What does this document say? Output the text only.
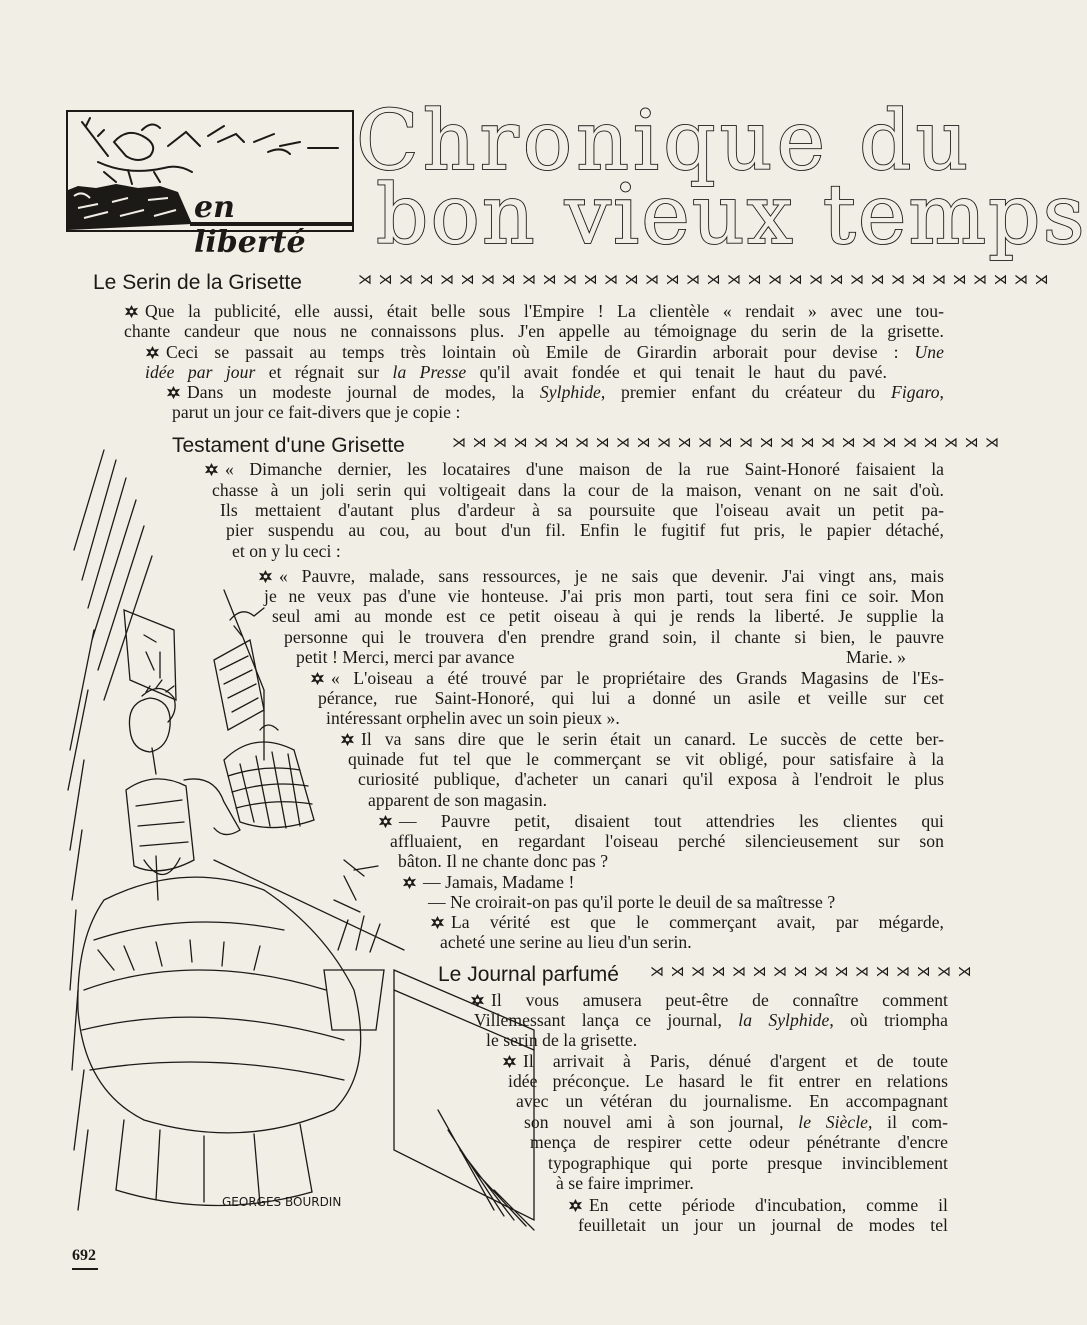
en liberté
Chronique du
bon vieux temps
GEORGES BOURDIN
Le Serin de la Grisette	⋊⋊⋊⋊⋊⋊⋊⋊⋊⋊⋊⋊⋊⋊⋊⋊⋊⋊⋊⋊⋊⋊⋊⋊⋊⋊⋊⋊⋊⋊⋊⋊⋊⋊
Que la publicité, elle aussi, était belle sous l'Empire ! La clientèle « rendait » avec une tou-
chante candeur que nous ne connaissons plus. J'en appelle au témoignage du serin de la grisette.
Ceci se passait au temps très lointain où Emile de Girardin arborait pour devise : Une
idée par jour et régnait sur la Presse qu'il avait fondée et qui tenait le haut du pavé.
Dans un modeste journal de modes, la Sylphide, premier enfant du créateur du Figaro,
parut un jour ce fait-divers que je copie :
Testament d'une Grisette	⋊⋊⋊⋊⋊⋊⋊⋊⋊⋊⋊⋊⋊⋊⋊⋊⋊⋊⋊⋊⋊⋊⋊⋊⋊⋊⋊
« Dimanche dernier, les locataires d'une maison de la rue Saint-Honoré faisaient la
chasse à un joli serin qui voltigeait dans la cour de la maison, venant on ne sait d'où.
Ils mettaient d'autant plus d'ardeur à sa poursuite que l'oiseau avait un petit pa-
pier suspendu au cou, au bout d'un fil. Enfin le fugitif fut pris, le papier détaché,
et on y lu ceci :
« Pauvre, malade, sans ressources, je ne sais que devenir. J'ai vingt ans, mais
je ne veux pas d'une vie honteuse. J'ai pris mon parti, tout sera fini ce soir. Mon
seul ami au monde est ce petit oiseau à qui je rends la liberté. Je supplie la
personne qui le trouvera d'en prendre grand soin, il chante si bien, le pauvre
petit ! Merci, merci par avance	Marie. »
« L'oiseau a été trouvé par le propriétaire des Grands Magasins de l'Es-
pérance, rue Saint-Honoré, qui lui a donné un asile et veille sur cet
intéressant orphelin avec un soin pieux ».
Il va sans dire que le serin était un canard. Le succès de cette ber-
quinade fut tel que le commerçant se vit obligé, pour satisfaire à la
curiosité publique, d'acheter un canari qu'il exposa à l'endroit le plus
apparent de son magasin.
— Pauvre petit, disaient tout attendries les clientes qui
affluaient, en regardant l'oiseau perché silencieusement sur son
bâton. Il ne chante donc pas ?
— Jamais, Madame !
— Ne croirait-on pas qu'il porte le deuil de sa maîtresse ?
La vérité est que le commerçant avait, par mégarde,
acheté une serine au lieu d'un serin.
Le Journal parfumé ⋊⋊⋊⋊⋊⋊⋊⋊⋊⋊⋊⋊⋊⋊⋊⋊
Il vous amusera peut-être de connaître comment
Villemessant lança ce journal, la Sylphide, où triompha
le serin de la grisette.
Il arrivait à Paris, dénué d'argent et de toute
idée préconçue. Le hasard le fit entrer en relations
avec un vétéran du journalisme. En accompagnant
son nouvel ami à son journal, le Siècle, il com-
mença de respirer cette odeur pénétrante d'encre
typographique qui porte presque invinciblement
à se faire imprimer.
En cette période d'incubation, comme il
feuilletait un jour un journal de modes tel
692
